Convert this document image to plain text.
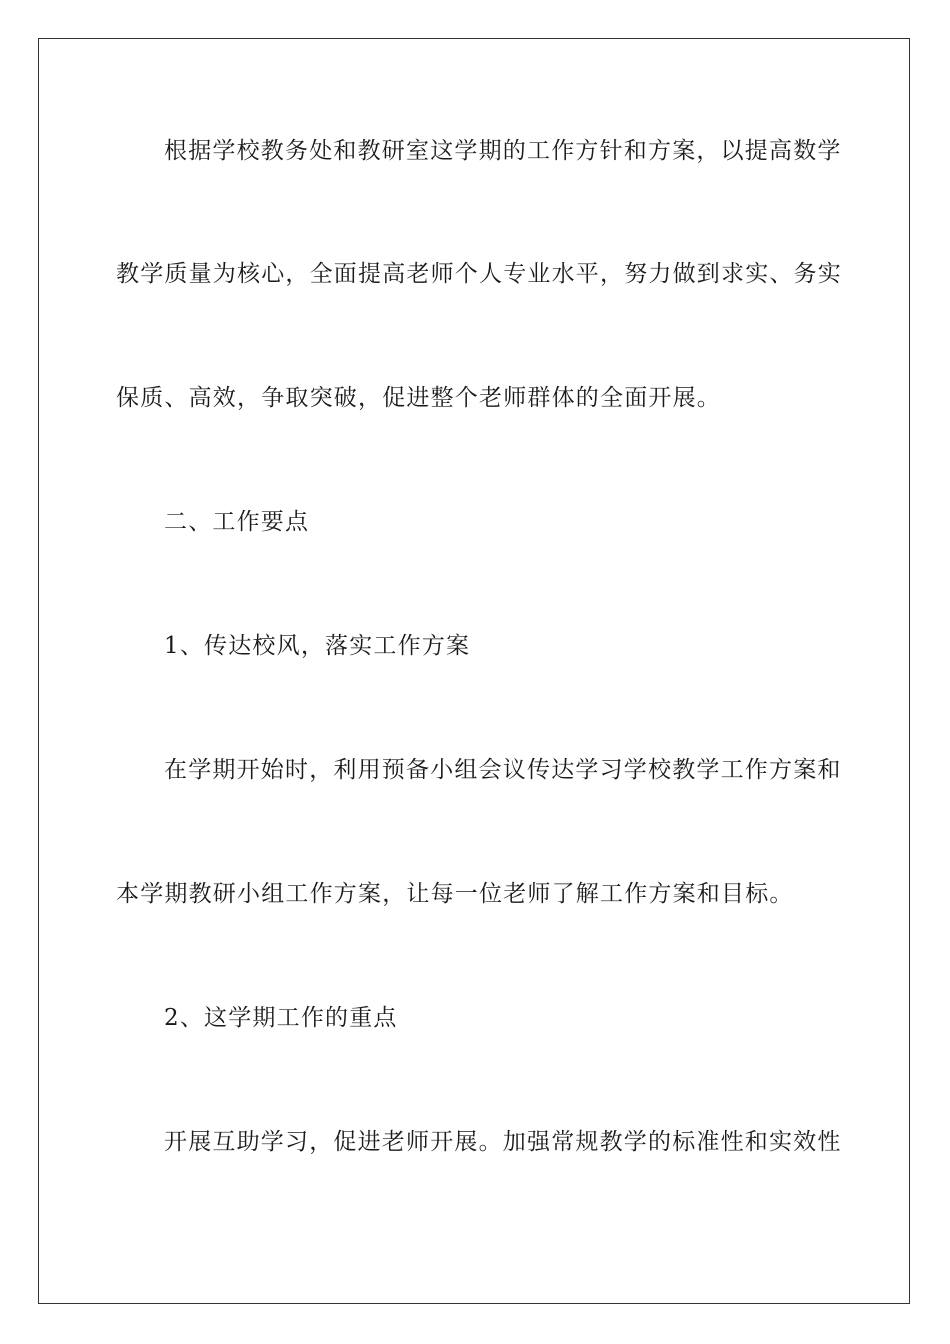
根据学校教务处和教研室这学期的工作方针和方案，以提高数学
教学质量为核心，全面提高老师个人专业水平，努力做到求实、务实
保质、高效，争取突破，促进整个老师群体的全面开展。
二、工作要点
1、传达校风，落实工作方案
在学期开始时，利用预备小组会议传达学习学校教学工作方案和
本学期教研小组工作方案，让每一位老师了解工作方案和目标。
2、这学期工作的重点
开展互助学习，促进老师开展。加强常规教学的标准性和实效性
